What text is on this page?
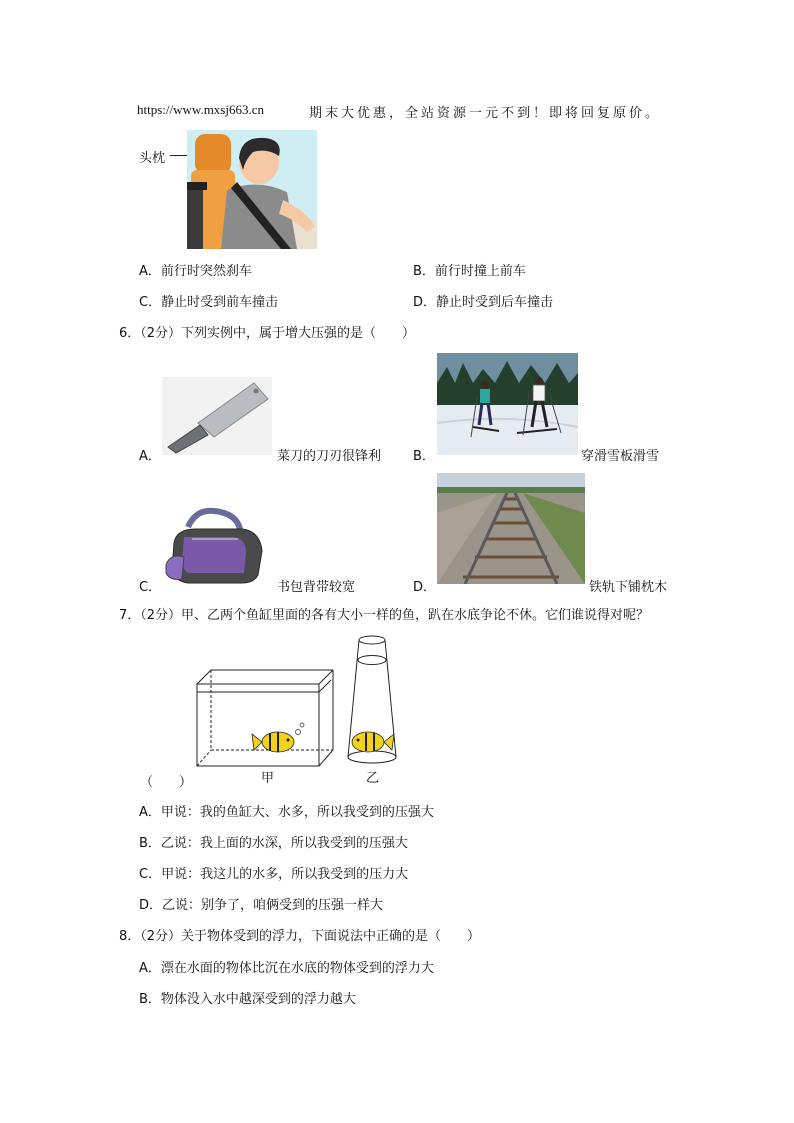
https://www.mxsj663.cn	期末大优惠，全站资源一元不到！即将回复原价。
头枕
A．前行时突然刹车	B．前行时撞上前车
C．静止时受到前车撞击	D．静止时受到后车撞击
6．（2分）下列实例中，属于增大压强的是（　　）
A．	菜刀的刀刃很锋利 B．	穿滑雪板滑雪
C．	书包背带较宽	D．	铁轨下铺枕木
7．（2分）甲、乙两个鱼缸里面的各有大小一样的鱼，趴在水底争论不休。它们谁说得对呢？
（　　）	甲	乙
A．甲说：我的鱼缸大、水多，所以我受到的压强大
B．乙说：我上面的水深，所以我受到的压强大
C．甲说：我这儿的水多，所以我受到的压力大
D．乙说：别争了，咱俩受到的压强一样大
8．（2分）关于物体受到的浮力，下面说法中正确的是（　　）
A．漂在水面的物体比沉在水底的物体受到的浮力大
B．物体没入水中越深受到的浮力越大
